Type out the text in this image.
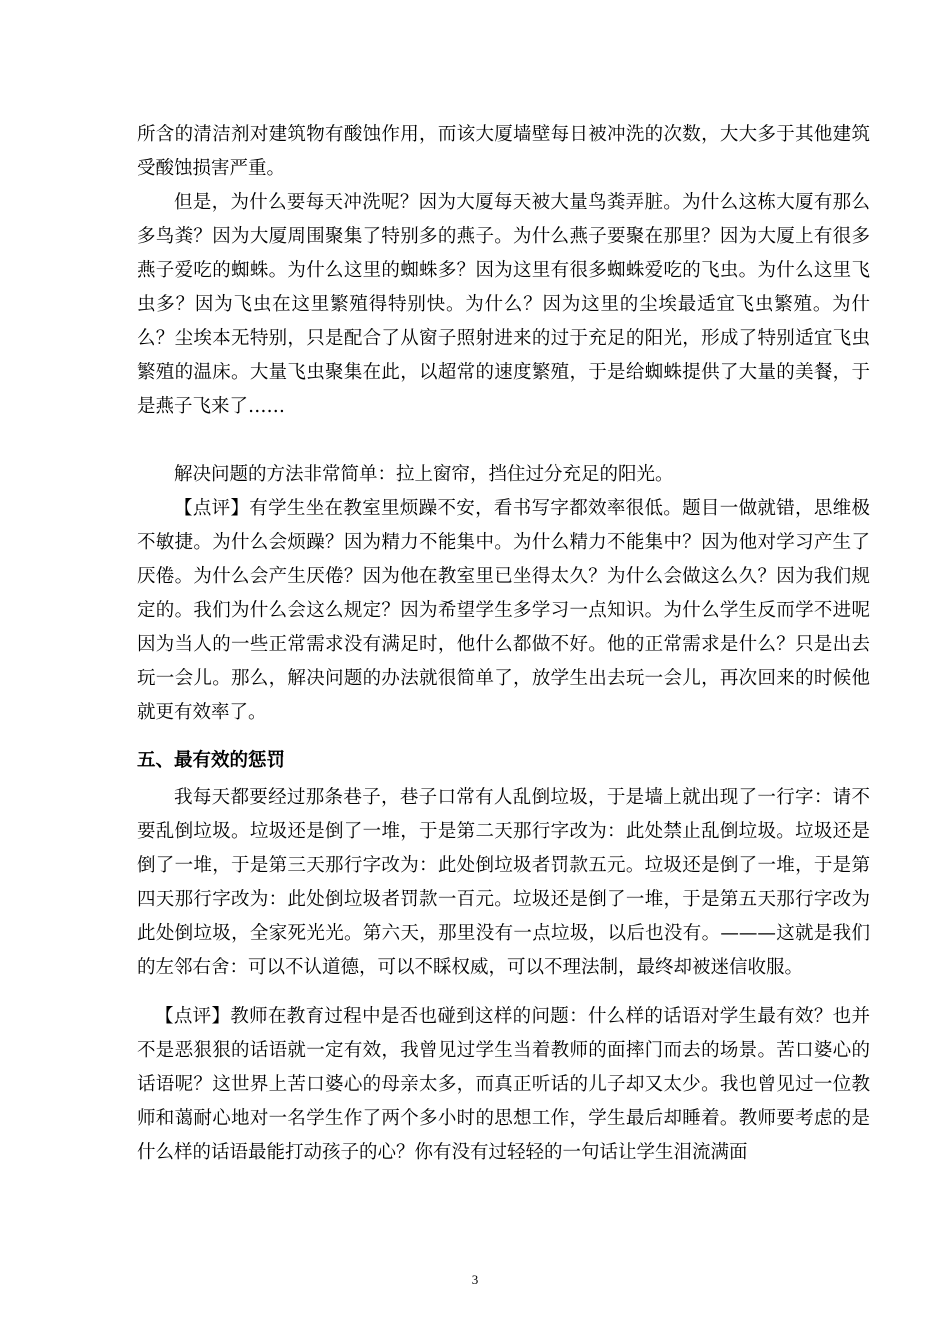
所含的清洁剂对建筑物有酸蚀作用，而该大厦墙壁每日被冲洗的次数，大大多于其他建筑受酸蚀损害严重。
但是，为什么要每天冲洗呢？因为大厦每天被大量鸟粪弄脏。为什么这栋大厦有那么多鸟粪？因为大厦周围聚集了特别多的燕子。为什么燕子要聚在那里？因为大厦上有很多燕子爱吃的蜘蛛。为什么这里的蜘蛛多？因为这里有很多蜘蛛爱吃的飞虫。为什么这里飞虫多？因为飞虫在这里繁殖得特别快。为什么？因为这里的尘埃最适宜飞虫繁殖。为什么？尘埃本无特别，只是配合了从窗子照射进来的过于充足的阳光，形成了特别适宜飞虫繁殖的温床。大量飞虫聚集在此，以超常的速度繁殖，于是给蜘蛛提供了大量的美餐，于是燕子飞来了……
解决问题的方法非常简单：拉上窗帘，挡住过分充足的阳光。
【点评】有学生坐在教室里烦躁不安，看书写字都效率很低。题目一做就错，思维极不敏捷。为什么会烦躁？因为精力不能集中。为什么精力不能集中？因为他对学习产生了厌倦。为什么会产生厌倦？因为他在教室里已坐得太久？为什么会做这么久？因为我们规定的。我们为什么会这么规定？因为希望学生多学习一点知识。为什么学生反而学不进呢因为当人的一些正常需求没有满足时，他什么都做不好。他的正常需求是什么？只是出去玩一会儿。那么，解决问题的办法就很简单了，放学生出去玩一会儿，再次回来的时候他就更有效率了。
五、最有效的惩罚
我每天都要经过那条巷子，巷子口常有人乱倒垃圾，于是墙上就出现了一行字：请不要乱倒垃圾。垃圾还是倒了一堆，于是第二天那行字改为：此处禁止乱倒垃圾。垃圾还是倒了一堆，于是第三天那行字改为：此处倒垃圾者罚款五元。垃圾还是倒了一堆，于是第四天那行字改为：此处倒垃圾者罚款一百元。垃圾还是倒了一堆，于是第五天那行字改为此处倒垃圾，全家死光光。第六天，那里没有一点垃圾，以后也没有。———这就是我们的左邻右舍：可以不认道德，可以不睬权威，可以不理法制，最终却被迷信收服。
【点评】教师在教育过程中是否也碰到这样的问题：什么样的话语对学生最有效？也并不是恶狠狠的话语就一定有效，我曾见过学生当着教师的面摔门而去的场景。苦口婆心的话语呢？这世界上苦口婆心的母亲太多，而真正听话的儿子却又太少。我也曾见过一位教师和蔼耐心地对一名学生作了两个多小时的思想工作，学生最后却睡着。教师要考虑的是什么样的话语最能打动孩子的心？你有没有过轻轻的一句话让学生泪流满面
3
